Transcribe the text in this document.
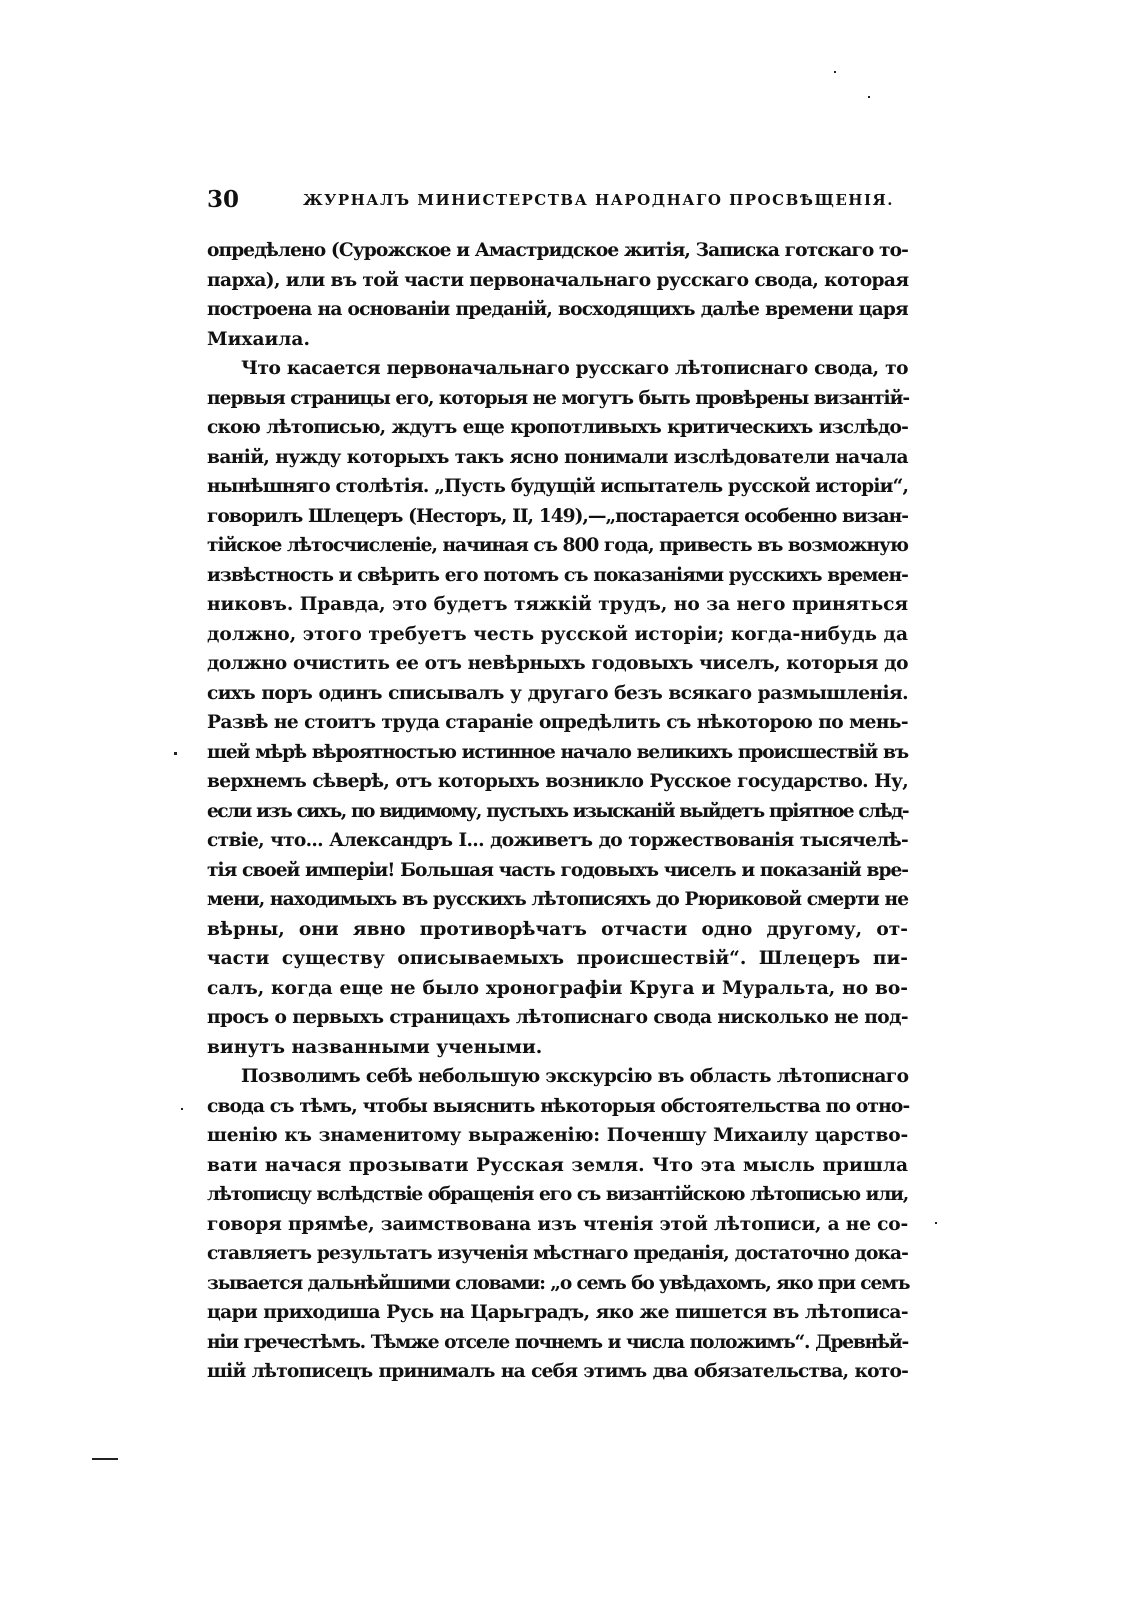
30	ЖУРНАЛЪ МИНИСТЕРСТВА НАРОДНАГО ПРОСВѢЩЕНІЯ.
опредѣлено (Сурожское и Амастридское житія, Записка готскаго то-
парха), или въ той части первоначальнаго русскаго свода, которая
построена на основаніи преданій, восходящихъ далѣе времени царя
Михаила.
Что касается первоначальнаго русскаго лѣтописнаго свода, то
первыя страницы его, которыя не могутъ быть провѣрены византій-
скою лѣтописью, ждутъ еще кропотливыхъ критическихъ изслѣдо-
ваній, нужду которыхъ такъ ясно понимали изслѣдователи начала
нынѣшняго столѣтія. „Пусть будущій испытатель русской исторіи“,
говорилъ Шлецеръ (Несторъ, II, 149),—„постарается особенно визан-
тійское лѣтосчисленіе, начиная съ 800 года, привесть въ возможную
извѣстность и свѣрить его потомъ съ показаніями русскихъ времен-
никовъ. Правда, это будетъ тяжкій трудъ, но за него приняться
должно, этого требуетъ честь русской исторіи; когда-нибудь да
должно очистить ее отъ невѣрныхъ годовыхъ чиселъ, которыя до
сихъ поръ одинъ списывалъ у другаго безъ всякаго размышленія.
Развѣ не стоитъ труда стараніе опредѣлить съ нѣкоторою по мень-
шей мѣрѣ вѣроятностью истинное начало великихъ происшествій въ
верхнемъ сѣверѣ, отъ которыхъ возникло Русское государство. Ну,
если изъ сихъ, по видимому, пустыхъ изысканій выйдетъ пріятное слѣд-
ствіе, что... Александръ I... доживетъ до торжествованія тысячелѣ-
тія своей имперіи! Большая часть годовыхъ чиселъ и показаній вре-
мени, находимыхъ въ русскихъ лѣтописяхъ до Рюриковой смерти не
вѣрны, они явно противорѣчатъ отчасти одно другому, от-
части существу описываемыхъ происшествій“. Шлецеръ пи-
салъ, когда еще не было хронографіи Круга и Муральта, но во-
просъ о первыхъ страницахъ лѣтописнаго свода нисколько не под-
винутъ названными учеными.
Позволимъ себѣ небольшую экскурсію въ область лѣтописнаго
свода съ тѣмъ, чтобы выяснить нѣкоторыя обстоятельства по отно-
шенію къ знаменитому выраженію: Поченшу Михаилу царство-
вати начася прозывати Русская земля. Что эта мысль пришла
лѣтописцу вслѣдствіе обращенія его съ византійскою лѣтописью или,
говоря прямѣе, заимствована изъ чтенія этой лѣтописи, а не со-
ставляетъ результатъ изученія мѣстнаго преданія, достаточно дока-
зывается дальнѣйшими словами: „о семъ бо увѣдахомъ, яко при семъ
цари приходиша Русь на Царьградъ, яко же пишется въ лѣтописа-
ніи гречестѣмъ. Тѣмже отселе почнемъ и числа положимъ“. Древнѣй-
шій лѣтописецъ принималъ на себя этимъ два обязательства, кото-
